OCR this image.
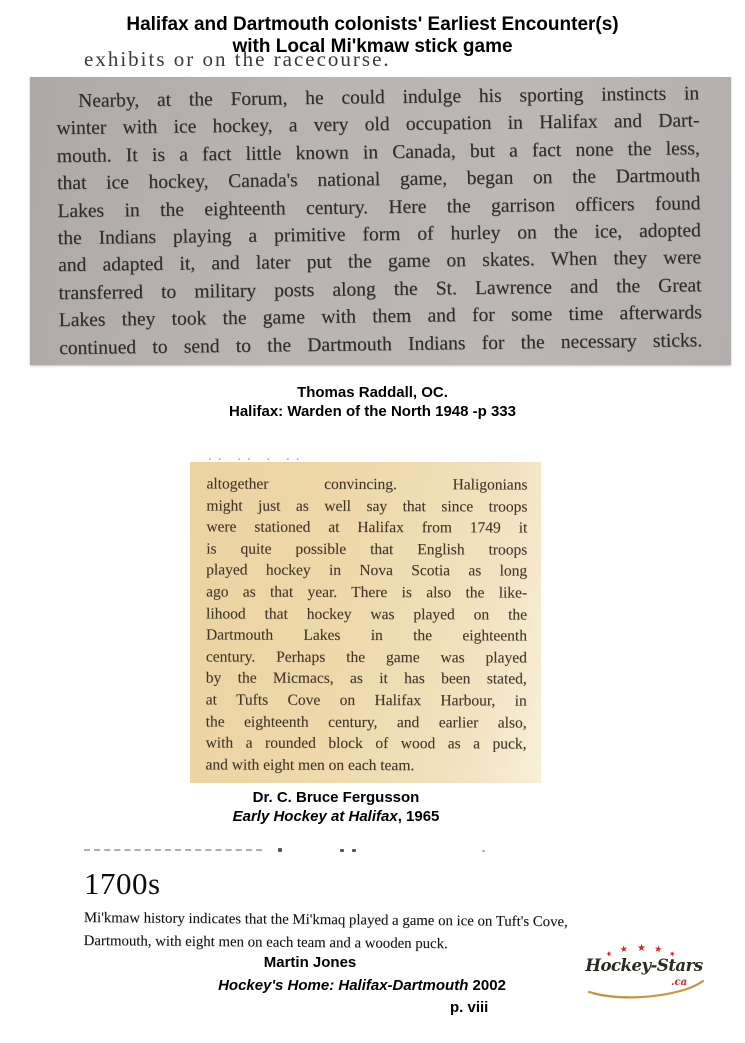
Halifax and Dartmouth colonists' Earliest Encounter(s)
with Local Mi'kmaw stick game
exhibits or on the racecourse.
Nearby, at the Forum, he could indulge his sporting instincts in
winter with ice hockey, a very old occupation in Halifax and Dart-
mouth. It is a fact little known in Canada, but a fact none the less,
that ice hockey, Canada's national game, began on the Dartmouth
Lakes in the eighteenth century. Here the garrison officers found
the Indians playing a primitive form of hurley on the ice, adopted
and adapted it, and later put the game on skates. When they were
transferred to military posts along the St. Lawrence and the Great
Lakes they took the game with them and for some time afterwards
continued to send to the Dartmouth Indians for the necessary sticks.
Thomas Raddall, OC.
Halifax: Warden of the North 1948 -p 333
.. .. . ..
altogether convincing. Haligonians
might just as well say that since troops
were stationed at Halifax from 1749 it
is quite possible that English troops
played hockey in Nova Scotia as long
ago as that year. There is also the like-
lihood that hockey was played on the
Dartmouth Lakes in the eighteenth
century. Perhaps the game was played
by the Micmacs, as it has been stated,
at Tufts Cove on Halifax Harbour, in
the eighteenth century, and earlier also,
with a rounded block of wood as a puck,
and with eight men on each team.
Dr. C. Bruce Fergusson
Early Hockey at Halifax, 1965
1700s
Mi'kmaw history indicates that the Mi'kmaq played a game on ice on Tuft's Cove,
Dartmouth, with eight men on each team and a wooden puck.
Martin Jones
Hockey's Home: Halifax-Dartmouth 2002
p. viii
★ ★ ★ ★ ★
Hockey-Stars
.ca
